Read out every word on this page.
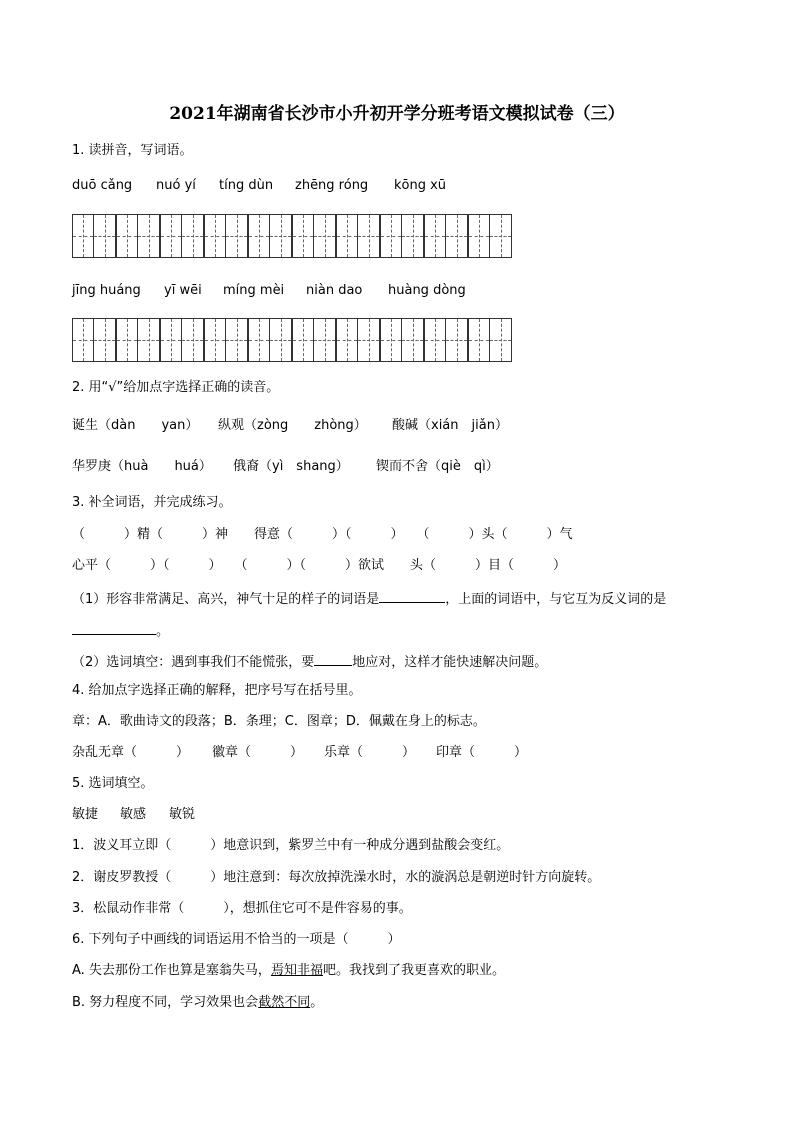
2021年湖南省长沙市小升初开学分班考语文模拟试卷（三）
1. 读拼音，写词语。
duō cǎng nuó yí tíng dùn zhēng róng kōng xū
jīng huáng yī wēi míng mèi niàn dao huàng dòng
2. 用“√”给加点字选择正确的读音。
诞生（dàn　　yan） 纵观（zòng　　zhòng） 酸碱（xián　jiǎn）
华罗庚（huà　　huá） 俄裔（yì　shang） 锲而不舍（qiè　qì）
3. 补全词语，并完成练习。
（　　　）精（　　　）神　　得意（　　　）（　　　）　　（　　　）头（　　　）气
心平（　　　）（　　　）　　（　　　）（　　　）欲试　　头（　　　）目（　　　）
（1）形容非常满足、高兴，神气十足的样子的词语是	，上面的词语中，与它互为反义词的是
。
（2）选词填空：遇到事我们不能慌张，要	地应对，这样才能快速解决问题。
4. 给加点字选择正确的解释，把序号写在括号里。
章：A．歌曲诗文的段落；B．条理；C．图章；D．佩戴在身上的标志。
杂乱无章（　　　） 徽章（　　　） 乐章（　　　） 印章（　　　）
5. 选词填空。
敏捷 敏感 敏锐
1．波义耳立即（　　　）地意识到，紫罗兰中有一种成分遇到盐酸会变红。
2．谢皮罗教授（　　　）地注意到：每次放掉洗澡水时，水的漩涡总是朝逆时针方向旋转。
3．松鼠动作非常（　　　），想抓住它可不是件容易的事。
6. 下列句子中画线的词语运用不恰当的一项是（　　　）
A. 失去那份工作也算是塞翁失马，焉知非福吧。我找到了我更喜欢的职业。
B. 努力程度不同，学习效果也会截然不同。
